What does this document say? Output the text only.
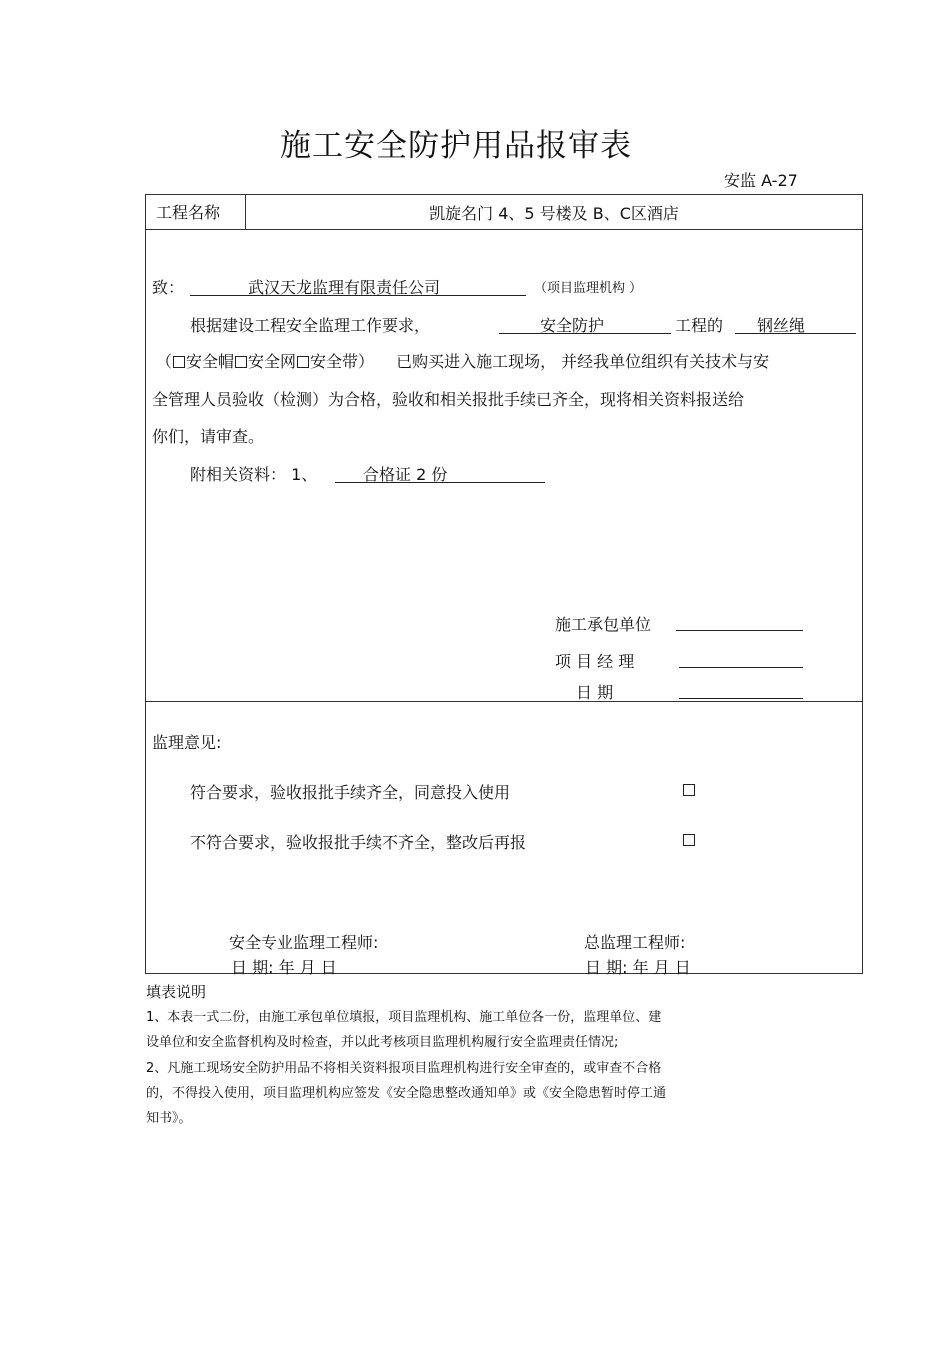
施工安全防护用品报审表
安监 A-27
工程名称	凯旋名门 4、5 号楼及 B、C区酒店
致：	武汉天龙监理有限责任公司	（项目监理机构 ）
根据建设工程安全监理工作要求，	安全防护	工程的 钢丝绳
（ 安全帽 安全网 安全带） 已购买进入施工现场， 并经我单位组织有关技术与安
全管理人员验收（检测）为合格，验收和相关报批手续已齐全，现将相关资料报送给
你们，请审查。
附相关资料： 1、	合格证 2 份
施工承包单位
项 目 经 理
日 期
监理意见:
符合要求，验收报批手续齐全，同意投入使用
不符合要求，验收报批手续不齐全，整改后再报
安全专业监理工程师:	总监理工程师:
日 期: 年 月 日	日 期: 年 月 日
填表说明
1、本表一式二份，由施工承包单位填报，项目监理机构、施工单位各一份，监理单位、建
设单位和安全监督机构及时检查，并以此考核项目监理机构履行安全监理责任情况;
2、凡施工现场安全防护用品不将相关资料报项目监理机构进行安全审查的，或审查不合格
的，不得投入使用，项目监理机构应签发《安全隐患整改通知单》或《安全隐患暂时停工通
知书》。
